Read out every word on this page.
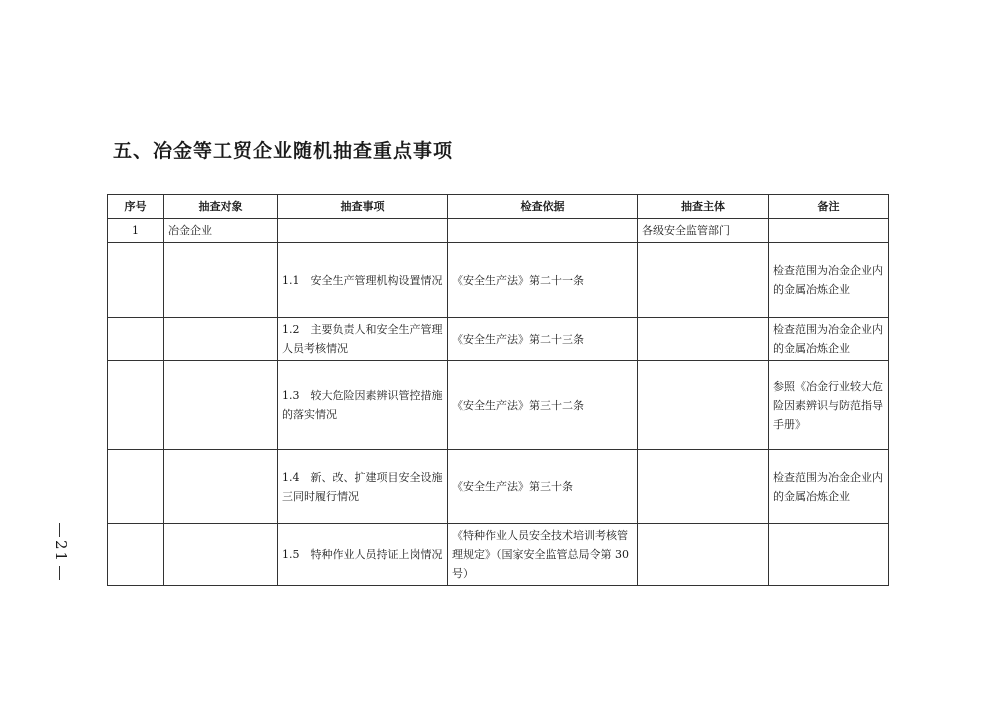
五、冶金等工贸企业随机抽查重点事项
序号	抽查对象	抽查事项	检查依据	抽查主体	备注
1	冶金企业			各级安全监管部门	
		1.1　安全生产管理机构设置情况	《安全生产法》第二十一条		检查范围为冶金企业内的金属冶炼企业
		1.2　主要负责人和安全生产管理人员考核情况	《安全生产法》第二十三条		检查范围为冶金企业内的金属冶炼企业
		1.3　较大危险因素辨识管控措施的落实情况	《安全生产法》第三十二条		参照《冶金行业较大危险因素辨识与防范指导手册》
		1.4　新、改、扩建项目安全设施三同时履行情况	《安全生产法》第三十条		检查范围为冶金企业内的金属冶炼企业
		1.5　特种作业人员持证上岗情况	《特种作业人员安全技术培训考核管理规定》（国家安全监管总局令第 30 号）		
21
